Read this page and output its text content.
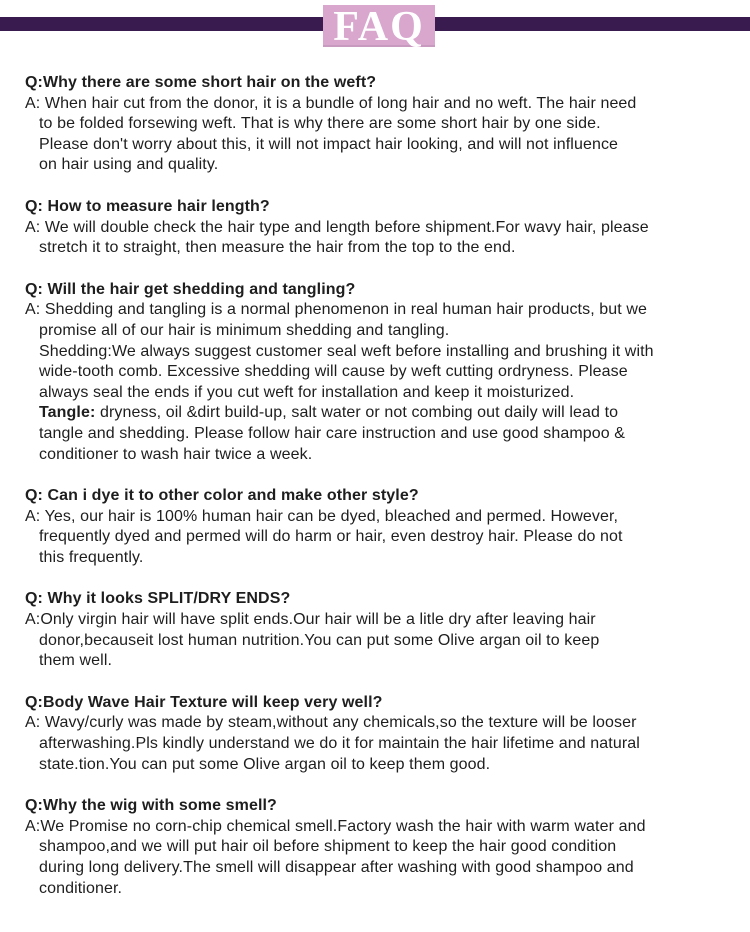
FAQ
Q:Why there are some short hair on the weft?
A: When hair cut from the donor, it is a bundle of long hair and no weft. The hair need
to be folded forsewing weft. That is why there are some short hair by one side.
Please don't worry about this, it will not impact hair looking, and will not influence
on hair using and quality.
Q: How to measure hair length?
A: We will double check the hair type and length before shipment.For wavy hair, please
stretch it to straight, then measure the hair from the top to the end.
Q: Will the hair get shedding and tangling?
A: Shedding and tangling is a normal phenomenon in real human hair products, but we
promise all of our hair is minimum shedding and tangling.
Shedding:We always suggest customer seal weft before installing and brushing it with
wide-tooth comb. Excessive shedding will cause by weft cutting ordryness. Please
always seal the ends if you cut weft for installation and keep it moisturized.
Tangle: dryness, oil &dirt build-up, salt water or not combing out daily will lead to
tangle and shedding. Please follow hair care instruction and use good shampoo &
conditioner to wash hair twice a week.
Q: Can i dye it to other color and make other style?
A: Yes, our hair is 100% human hair can be dyed, bleached and permed. However,
frequently dyed and permed will do harm or hair, even destroy hair. Please do not
this frequently.
Q: Why it looks SPLIT/DRY ENDS?
A:Only virgin hair will have split ends.Our hair will be a litle dry after leaving hair
donor,becauseit lost human nutrition.You can put some Olive argan oil to keep
them well.
Q:Body Wave Hair Texture will keep very well?
A: Wavy/curly was made by steam,without any chemicals,so the texture will be looser
afterwashing.Pls kindly understand we do it for maintain the hair lifetime and natural
state.tion.You can put some Olive argan oil to keep them good.
Q:Why the wig with some smell?
A:We Promise no corn-chip chemical smell.Factory wash the hair with warm water and
shampoo,and we will put hair oil before shipment to keep the hair good condition
during long delivery.The smell will disappear after washing with good shampoo and
conditioner.
